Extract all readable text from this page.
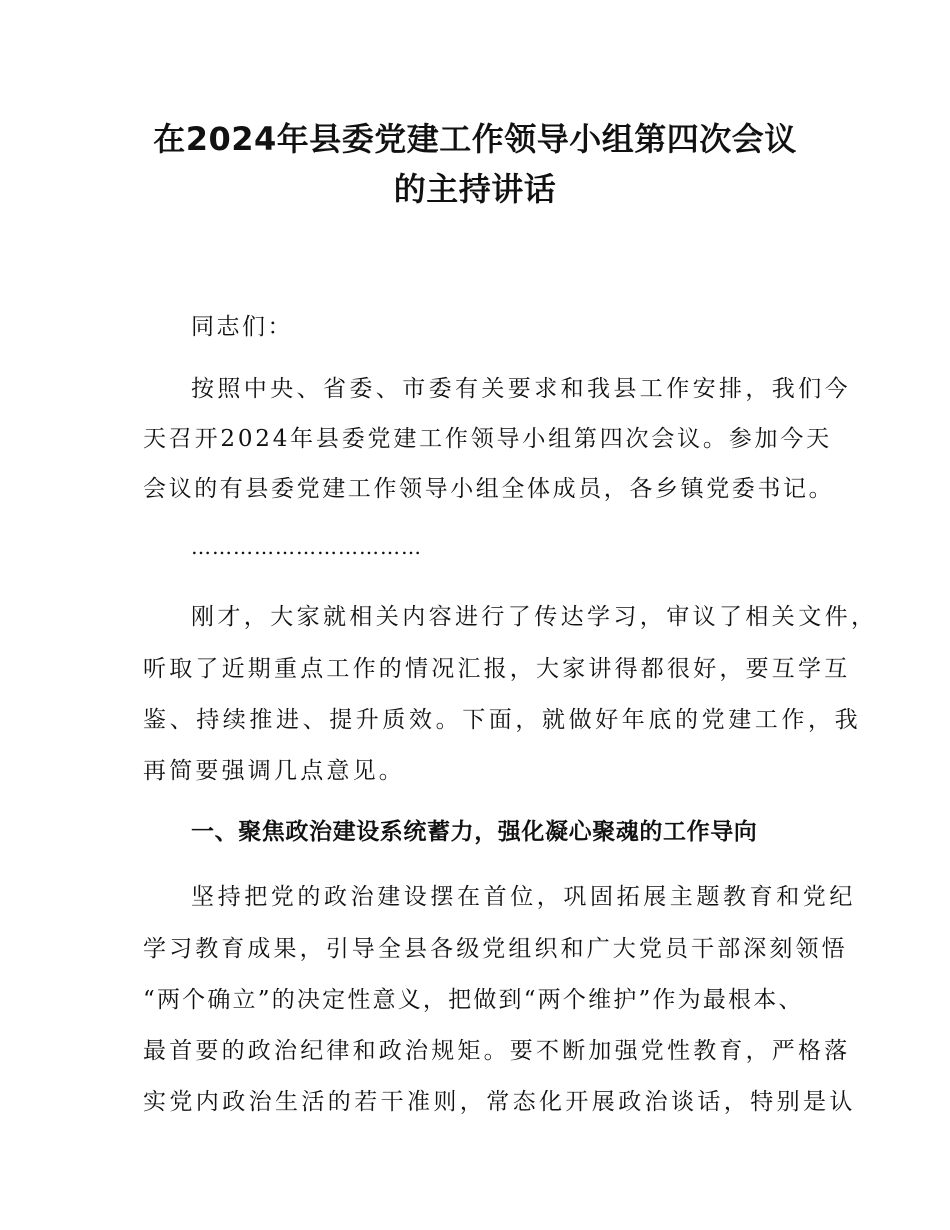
在2024年县委党建工作领导小组第四次会议
的主持讲话
同志们：
按照中央、省委、市委有关要求和我县工作安排，我们今
天召开2024年县委党建工作领导小组第四次会议。参加今天
会议的有县委党建工作领导小组全体成员，各乡镇党委书记。
……………………………
刚才，大家就相关内容进行了传达学习，审议了相关文件，
听取了近期重点工作的情况汇报，大家讲得都很好，要互学互
鉴、持续推进、提升质效。下面，就做好年底的党建工作，我
再简要强调几点意见。
一、聚焦政治建设系统蓄力，强化凝心聚魂的工作导向
坚持把党的政治建设摆在首位，巩固拓展主题教育和党纪
学习教育成果，引导全县各级党组织和广大党员干部深刻领悟
“两个确立”的决定性意义，把做到“两个维护”作为最根本、
最首要的政治纪律和政治规矩。要不断加强党性教育，严格落
实党内政治生活的若干准则，常态化开展政治谈话，特别是认
